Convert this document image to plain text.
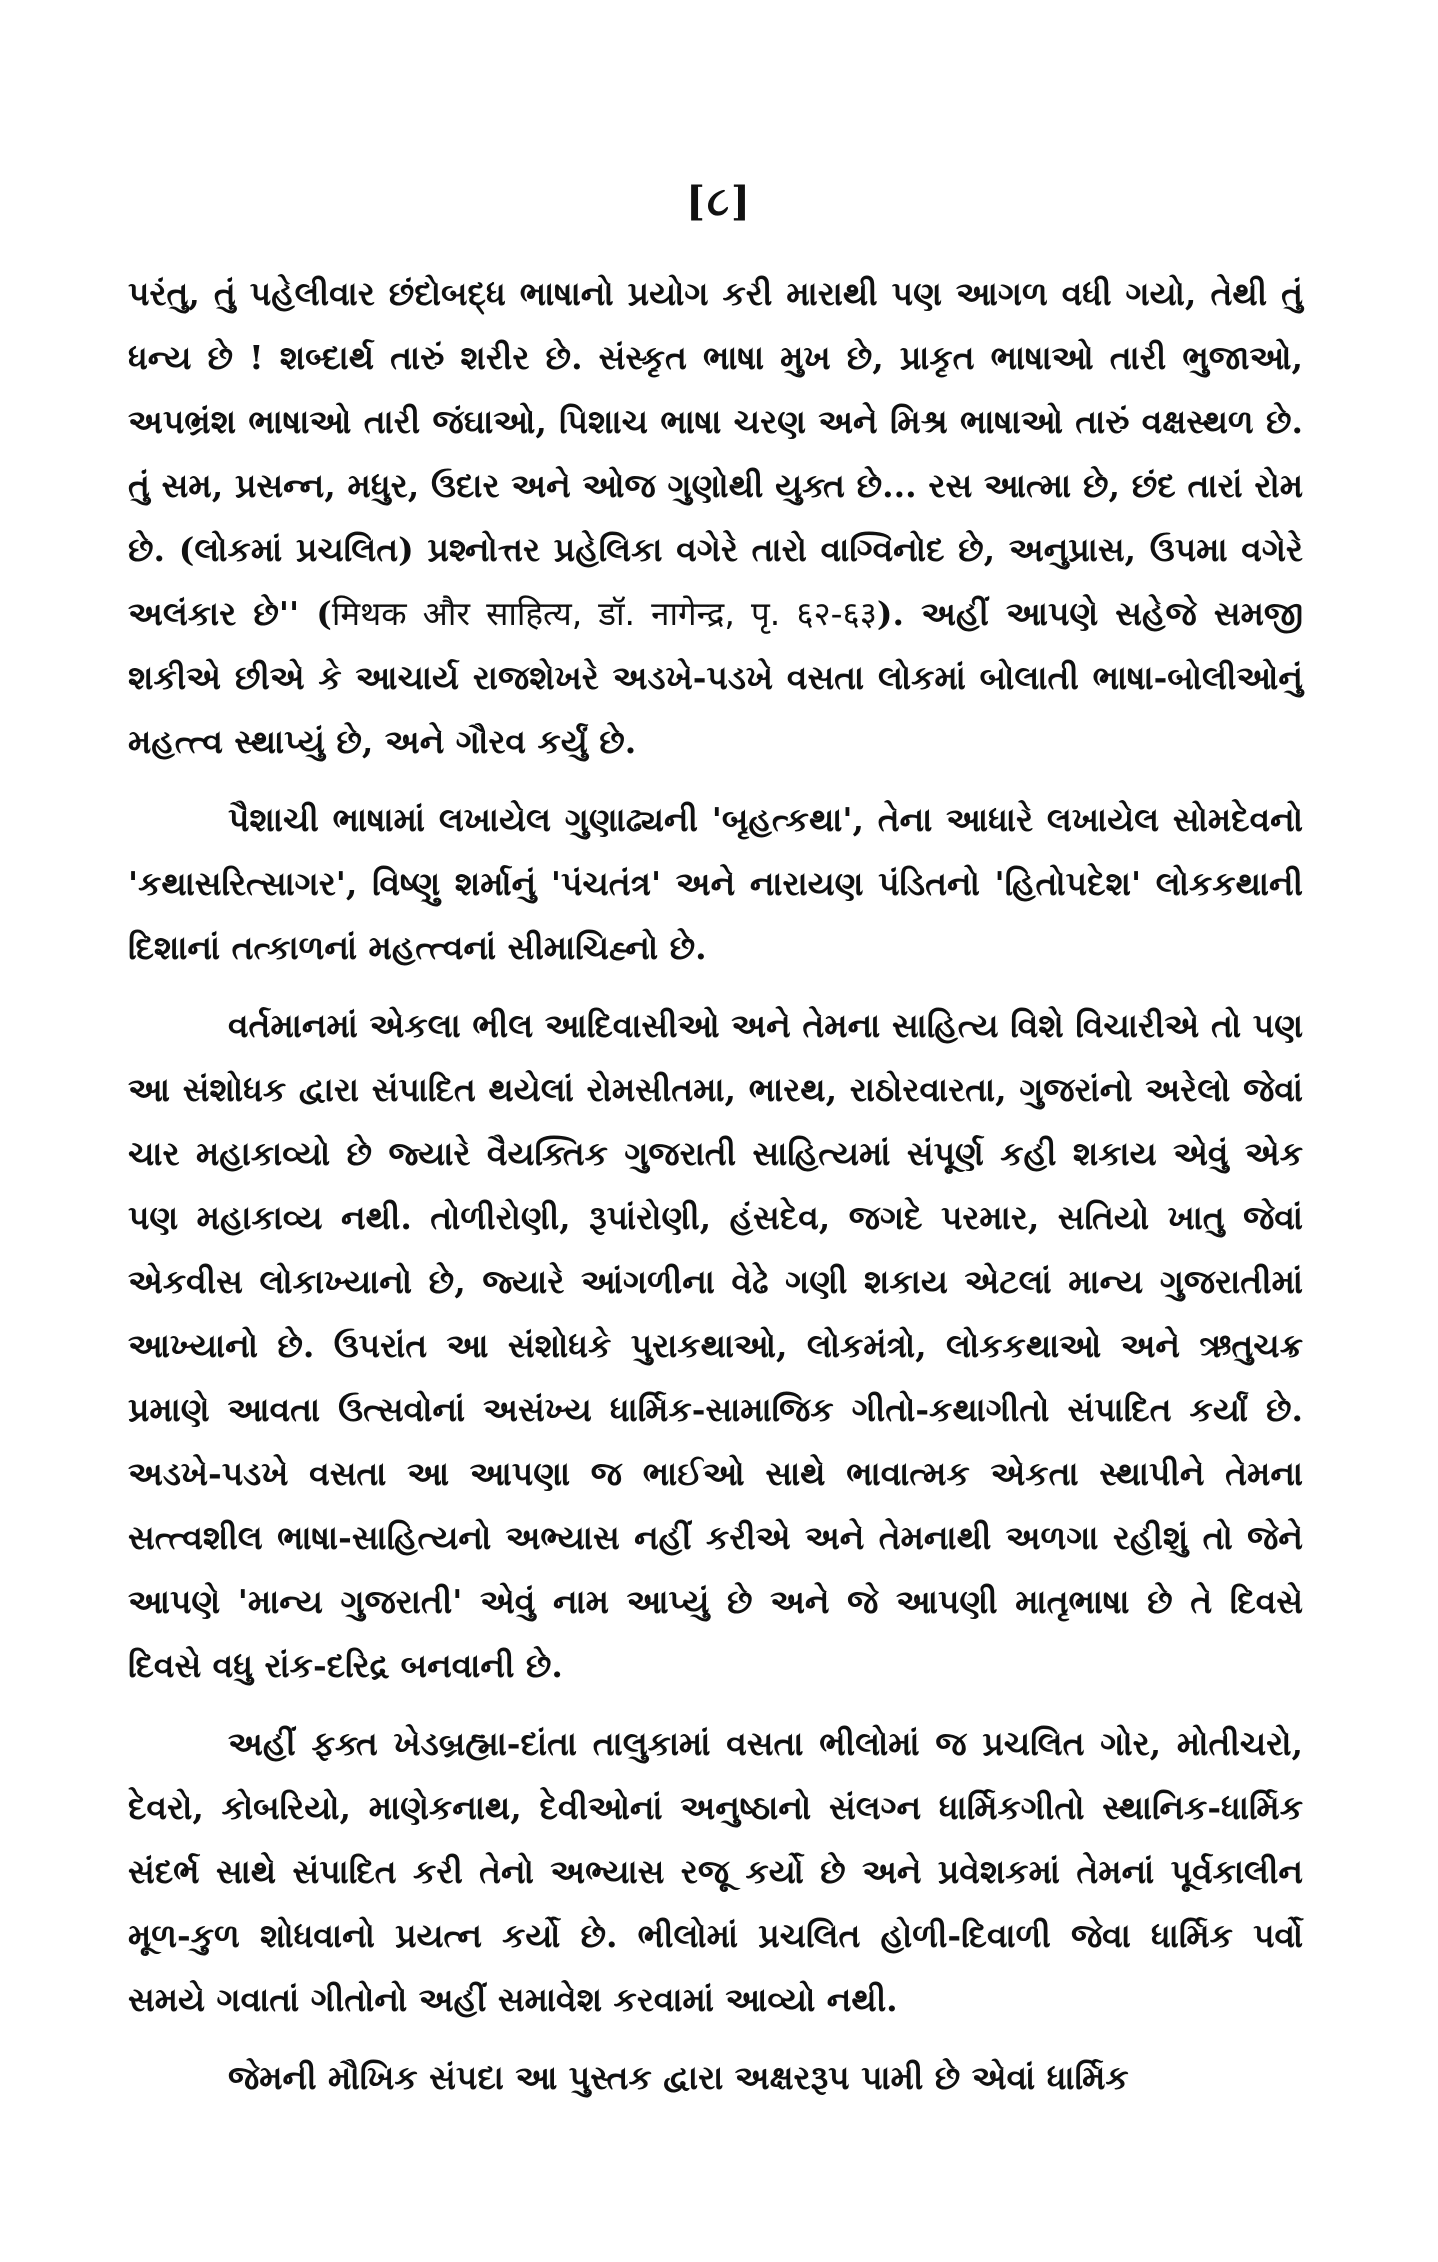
[૮]

પરંતુ, તું પહેલીવાર છંદોબદ્ધ ભાષાનો પ્રયોગ કરી મારાથી પણ આગળ વધી ગયો, તેથી તું ધન્ય છે ! શબ્દાર્થ તારું શરીર છે. સંસ્કૃત ભાષા મુખ છે, પ્રાકૃત ભાષાઓ તારી ભુજાઓ, અપભ્રંશ ભાષાઓ તારી જંઘાઓ, પિશાચ ભાષા ચરણ અને મિશ્ર ભાષાઓ તારું વક્ષસ્થળ છે. તું સમ, પ્રસન્ન, મધુર, ઉદાર અને ઓજ ગુણોથી યુક્ત છે... રસ આત્મા છે, છંદ તારાં રોમ છે. (લોકમાં પ્રચલિત) પ્રશ્નોત્તર પ્રહેલિકા વગેરે તારો વાગ્વિનોદ છે, અનુપ્રાસ, ઉપમા વગેરે અલંકાર છે'' (मिथक और साहित्य, डॉ. नागेन्द्र, पृ. ६२-६३). અહીં આપણે સહેજે સમજી શકીએ છીએ કે આચાર્ય રાજશેખરે અડખે-પડખે વસતા લોકમાં બોલાતી ભાષા-બોલીઓનું મહત્ત્વ સ્થાપ્યું છે, અને ગૌરવ કર્યું છે.

પૈશાચી ભાષામાં લખાયેલ ગુણાઢ્યની 'બૃહત્કથા', તેના આધારે લખાયેલ સોમદેવનો 'કથાસરિત્સાગર', વિષ્ણુ શર્માનું 'પંચતંત્ર' અને નારાયણ પંડિતનો 'હિતોપદેશ' લોકકથાની દિશાનાં તત્કાળનાં મહત્ત્વનાં સીમાચિહ્નો છે.

વર્તમાનમાં એકલા ભીલ આદિવાસીઓ અને તેમના સાહિત્ય વિશે વિચારીએ તો પણ આ સંશોધક દ્વારા સંપાદિત થયેલાં રોમસીતમા, ભારથ, રાઠોરવારતા, ગુજરાંનો અરેલો જેવાં ચાર મહાકાવ્યો છે જ્યારે વૈયક્તિક ગુજરાતી સાહિત્યમાં સંપૂર્ણ કહી શકાય એવું એક પણ મહાકાવ્ય નથી. તોળીરોણી, રૂપાંરોણી, હંસદેવ, જગદે પરમાર, સતિયો ખાતુ જેવાં એકવીસ લોકાખ્યાનો છે, જ્યારે આંગળીના વેઢે ગણી શકાય એટલાં માન્ય ગુજરાતીમાં આખ્યાનો છે. ઉપરાંત આ સંશોધકે પુરાકથાઓ, લોકમંત્રો, લોકકથાઓ અને ઋતુચક્ર પ્રમાણે આવતા ઉત્સવોનાં અસંખ્ય ધાર્મિક-સામાજિક ગીતો-કથાગીતો સંપાદિત કર્યાં છે. અડખે-પડખે વસતા આ આપણા જ ભાઈઓ સાથે ભાવાત્મક એકતા સ્થાપીને તેમના સત્ત્વશીલ ભાષા-સાહિત્યનો અભ્યાસ નહીં કરીએ અને તેમનાથી અળગા રહીશું તો જેને આપણે 'માન્ય ગુજરાતી' એવું નામ આપ્યું છે અને જે આપણી માતૃભાષા છે તે દિવસે દિવસે વધુ રાંક-દરિદ્ર બનવાની છે.

અહીં ફક્ત ખેડબ્રહ્મા-દાંતા તાલુકામાં વસતા ભીલોમાં જ પ્રચલિત ગોર, મોતીચરો, દેવરો, કોબરિયો, માણેકનાથ, દેવીઓનાં અનુષ્ઠાનો સંલગ્ન ધાર્મિકગીતો સ્થાનિક-ધાર્મિક સંદર્ભ સાથે સંપાદિત કરી તેનો અભ્યાસ રજૂ કર્યો છે અને પ્રવેશકમાં તેમનાં પૂર્વકાલીન મૂળ-કુળ શોધવાનો પ્રયત્ન કર્યો છે. ભીલોમાં પ્રચલિત હોળી-દિવાળી જેવા ધાર્મિક પર્વો સમયે ગવાતાં ગીતોનો અહીં સમાવેશ કરવામાં આવ્યો નથી.

જેમની મૌખિક સંપદા આ પુસ્તક દ્વારા અક્ષરરૂપ પામી છે એવાં ધાર્મિક
